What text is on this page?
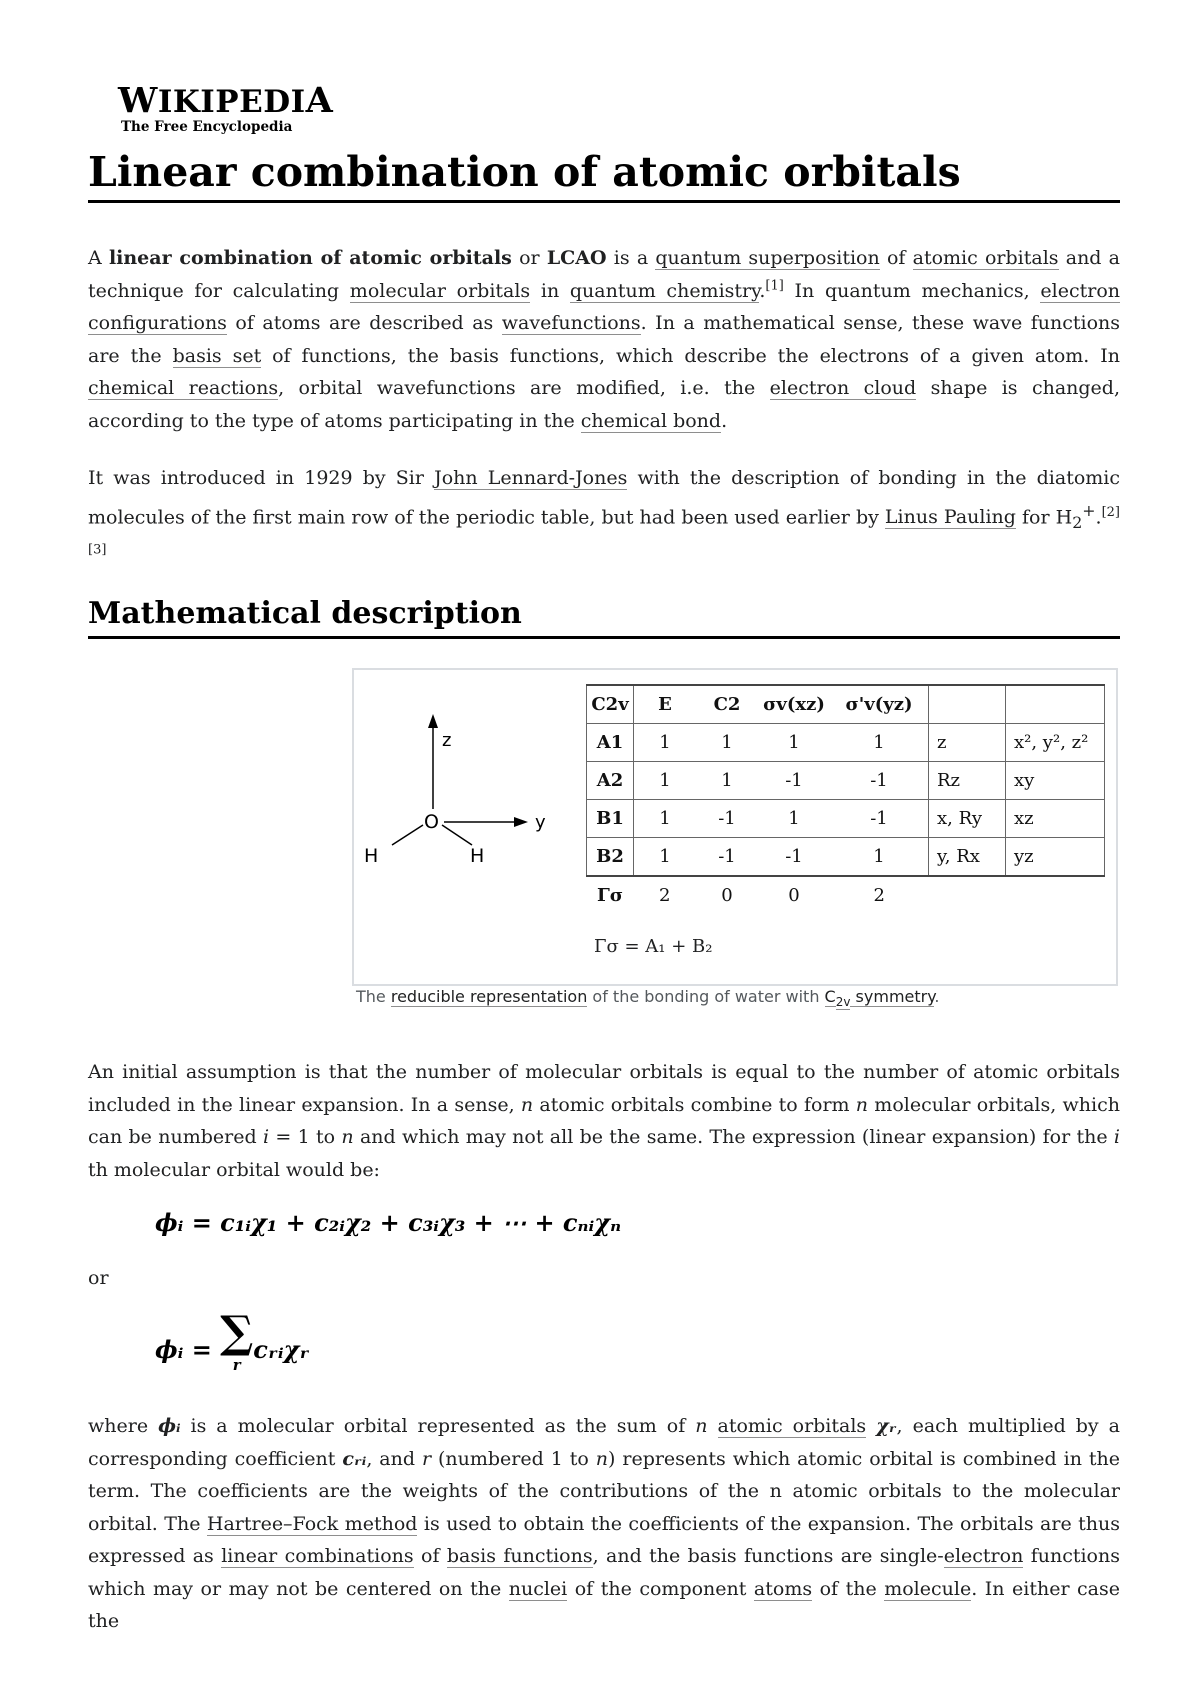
WIKIPEDIA
The Free Encyclopedia
Linear combination of atomic orbitals

A linear combination of atomic orbitals or LCAO is a quantum superposition of atomic orbitals and a technique for calculating molecular orbitals in quantum chemistry.[1] In quantum mechanics, electron configurations of atoms are described as wavefunctions. In a mathematical sense, these wave functions are the basis set of functions, the basis functions, which describe the electrons of a given atom. In chemical reactions, orbital wavefunctions are modified, i.e. the electron cloud shape is changed, according to the type of atoms participating in the chemical bond.

It was introduced in 1929 by Sir John Lennard-Jones with the description of bonding in the diatomic molecules of the first main row of the periodic table, but had been used earlier by Linus Pauling for $H_2^+.[2][3]$

Mathematical description
z
O	y
H	H
C2v	E	C2	σv(xz)	σ'v(yz)		
A1	1	1	1	1	z	x², y², z²
A2	1	1	-1	-1	Rz	xy
B1	1	-1	1	-1	x, Ry	xz
B2	1	-1	-1	1	y, Rx	yz
Γσ	2	0	0	2		
Γσ = A₁ + B₂
The reducible representation of the bonding of water with $C_{2v}$ symmetry.

An initial assumption is that the number of molecular orbitals is equal to the number of atomic orbitals included in the linear expansion. In a sense, n atomic orbitals combine to form n molecular orbitals, which can be numbered i = 1 to n and which may not all be the same. The expression (linear expansion) for the i th molecular orbital would be:

ϕᵢ = c₁ᵢχ₁ + c₂ᵢχ₂ + c₃ᵢχ₃ + ⋯ + cₙᵢχₙ
or
ϕᵢ = ∑
rcᵣᵢχᵣ

where ϕᵢ is a molecular orbital represented as the sum of n atomic orbitals χᵣ, each multiplied by a corresponding coefficient cᵣᵢ, and r (numbered 1 to n) represents which atomic orbital is combined in the term. The coefficients are the weights of the contributions of the n atomic orbitals to the molecular orbital. The Hartree–Fock method is used to obtain the coefficients of the expansion. The orbitals are thus expressed as linear combinations of basis functions, and the basis functions are single-electron functions which may or may not be centered on the nuclei of the component atoms of the molecule. In either case the
